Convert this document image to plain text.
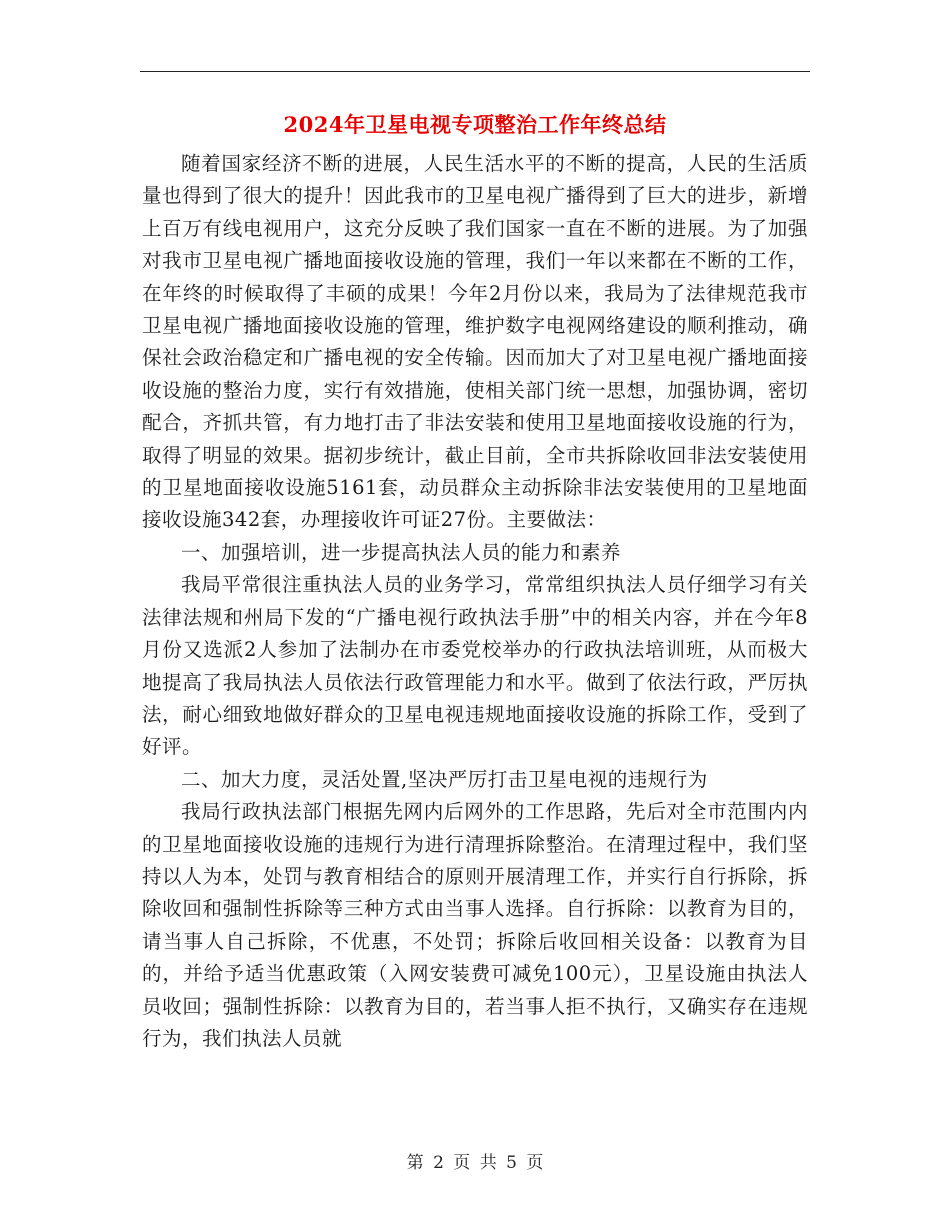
2024年卫星电视专项整治工作年终总结

随着国家经济不断的进展，人民生活水平的不断的提高，人民的生活质量也得到了很大的提升！因此我市的卫星电视广播得到了巨大的进步，新增上百万有线电视用户，这充分反映了我们国家一直在不断的进展。为了加强对我市卫星电视广播地面接收设施的管理，我们一年以来都在不断的工作，在年终的时候取得了丰硕的成果！今年2月份以来，我局为了法律规范我市卫星电视广播地面接收设施的管理，维护数字电视网络建设的顺利推动，确保社会政治稳定和广播电视的安全传输。因而加大了对卫星电视广播地面接收设施的整治力度，实行有效措施，使相关部门统一思想，加强协调，密切配合，齐抓共管，有力地打击了非法安装和使用卫星地面接收设施的行为，取得了明显的效果。据初步统计，截止目前，全市共拆除收回非法安装使用的卫星地面接收设施5161套，动员群众主动拆除非法安装使用的卫星地面接收设施342套，办理接收许可证27份。主要做法：

一、加强培训，进一步提高执法人员的能力和素养

我局平常很注重执法人员的业务学习，常常组织执法人员仔细学习有关法律法规和州局下发的“广播电视行政执法手册”中的相关内容，并在今年8月份又选派2人参加了法制办在市委党校举办的行政执法培训班，从而极大地提高了我局执法人员依法行政管理能力和水平。做到了依法行政，严厉执法，耐心细致地做好群众的卫星电视违规地面接收设施的拆除工作，受到了好评。

二、加大力度，灵活处置,坚决严厉打击卫星电视的违规行为

我局行政执法部门根据先网内后网外的工作思路，先后对全市范围内内的卫星地面接收设施的违规行为进行清理拆除整治。在清理过程中，我们坚持以人为本，处罚与教育相结合的原则开展清理工作，并实行自行拆除，拆除收回和强制性拆除等三种方式由当事人选择。自行拆除：以教育为目的，请当事人自己拆除，不优惠，不处罚；拆除后收回相关设备：以教育为目的，并给予适当优惠政策（入网安装费可减免100元），卫星设施由执法人员收回；强制性拆除：以教育为目的，若当事人拒不执行，又确实存在违规行为，我们执法人员就

第 2 页 共 5 页
